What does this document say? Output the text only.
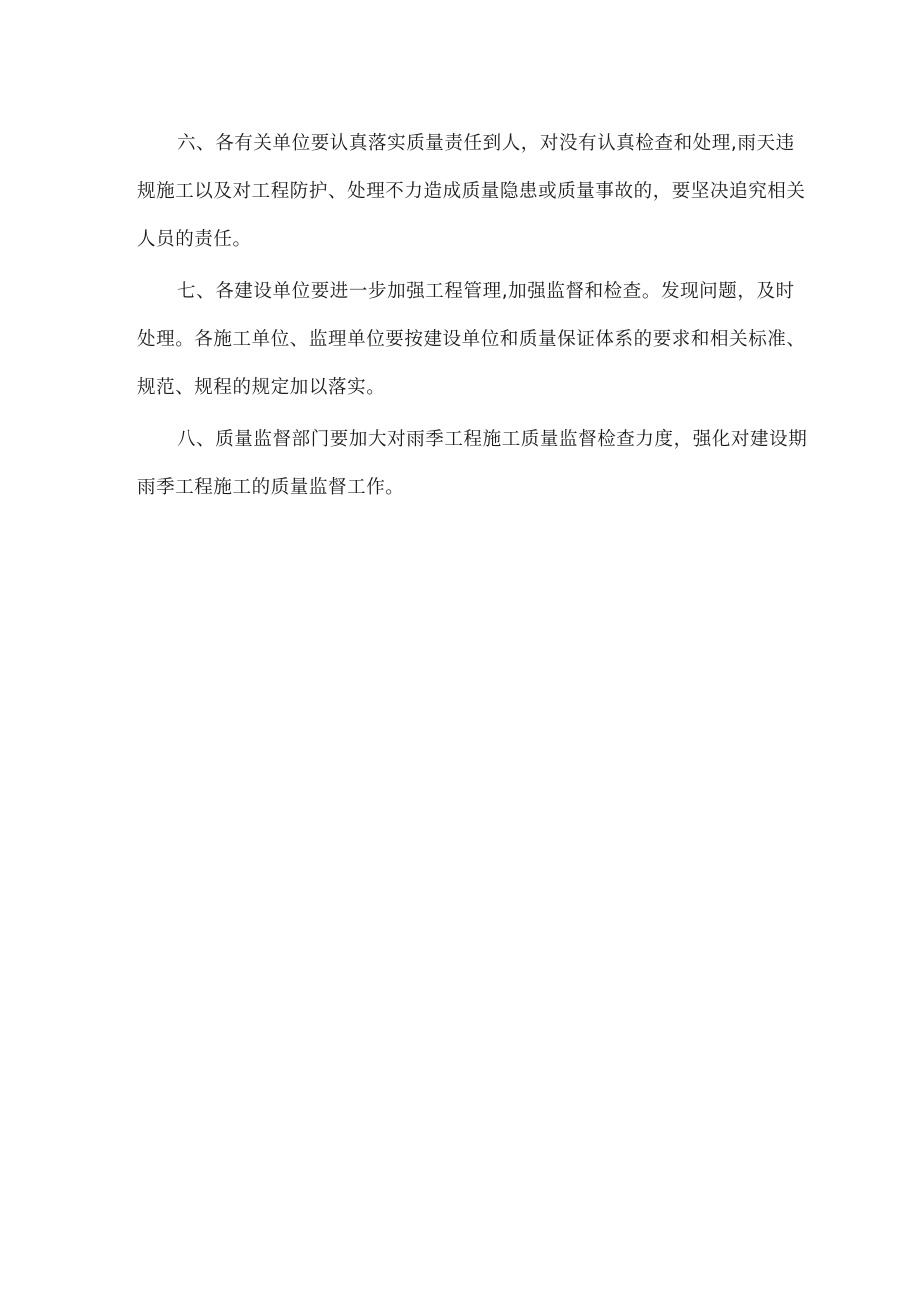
六、各有关单位要认真落实质量责任到人，对没有认真检查和处理,雨天违
规施工以及对工程防护、处理不力造成质量隐患或质量事故的，要坚决追究相关
人员的责任。

七、各建设单位要进一步加强工程管理,加强监督和检查。发现问题，及时
处理。各施工单位、监理单位要按建设单位和质量保证体系的要求和相关标准、
规范、规程的规定加以落实。

八、质量监督部门要加大对雨季工程施工质量监督检查力度，强化对建设期
雨季工程施工的质量监督工作。
